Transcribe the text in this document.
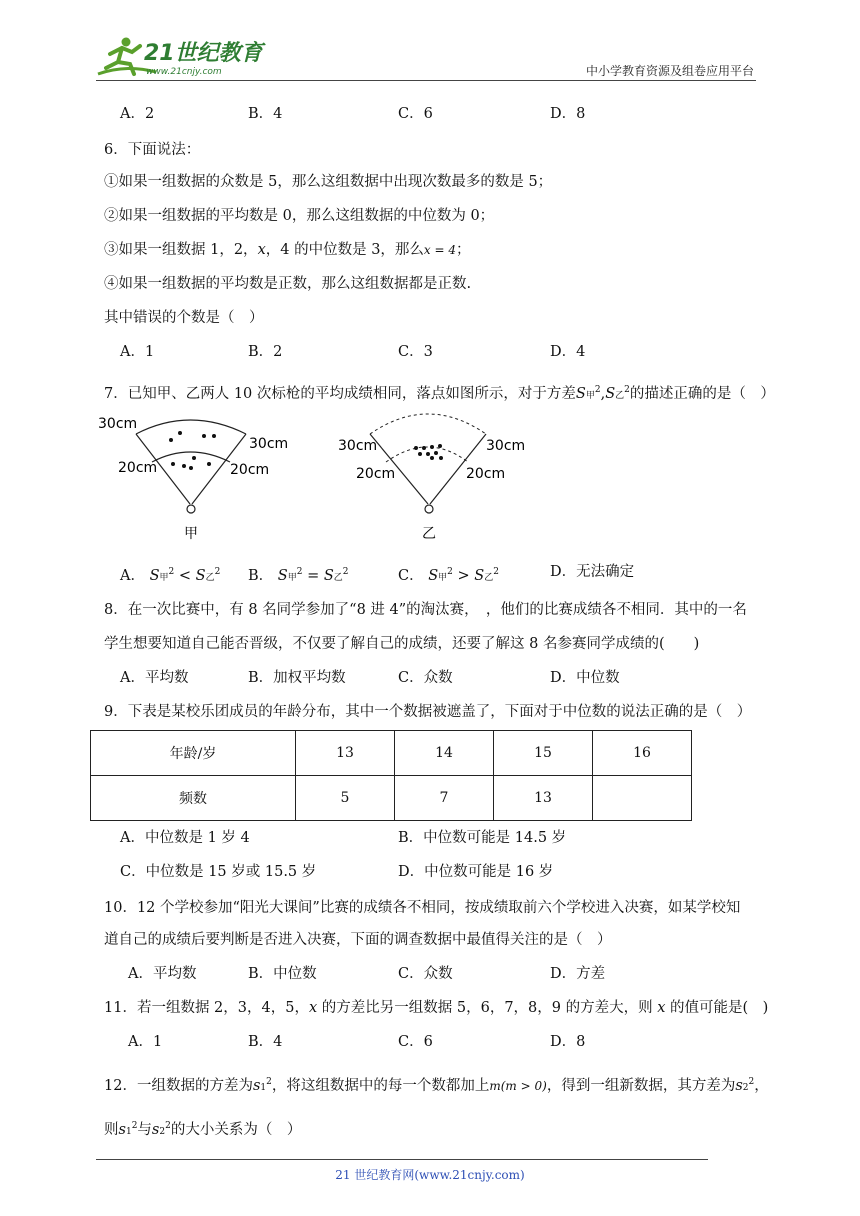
21世纪教育
www.21cnjy.com	中小学教育资源及组卷应用平台
A．2	B．4	C．6	D．8
6．下面说法：
①如果一组数据的众数是 5，那么这组数据中出现次数最多的数是 5；
②如果一组数据的平均数是 0，那么这组数据的中位数为 0；
③如果一组数据 1，2，x，4 的中位数是 3，那么x = 4；
④如果一组数据的平均数是正数，那么这组数据都是正数.
其中错误的个数是（　）
A．1	B．2	C．3	D．4
7．已知甲、乙两人 10 次标枪的平均成绩相同，落点如图所示，对于方差S甲$^2$,S乙$^2$的描述正确的是（　）
30cm
30cm
20cm	20cm
甲
30cm	30cm
20cm	20cm
乙
A． S甲$^2$ < S乙$^2$ B． S甲$^2$ = S乙$^2$	C． S甲$^2$ > S乙$^2$	D．无法确定
8．在一次比赛中，有 8 名同学参加了“8 进 4”的淘汰赛，　，他们的比赛成绩各不相同．其中的一名
学生想要知道自己能否晋级，不仅要了解自己的成绩，还要了解这 8 名参赛同学成绩的(　　)
A．平均数	B．加权平均数	C．众数	D．中位数
9．下表是某校乐团成员的年龄分布，其中一个数据被遮盖了，下面对于中位数的说法正确的是（　）
年龄/岁	13	14	15	16
频数	5	7	13	
A．中位数是 1 岁 4	B．中位数可能是 14.5 岁
C．中位数是 15 岁或 15.5 岁	D．中位数可能是 16 岁
10．12 个学校参加“阳光大课间”比赛的成绩各不相同，按成绩取前六个学校进入决赛，如某学校知
道自己的成绩后要判断是否进入决赛，下面的调查数据中最值得关注的是（　）
A．平均数	B．中位数	C．众数	D．方差
11．若一组数据 2，3，4，5，x 的方差比另一组数据 5，6，7，8，9 的方差大，则 x 的值可能是(　)
A．1	B．4	C．6	D．8
12．一组数据的方差为$s1^2$，将这组数据中的每一个数都加上m(m > 0)，得到一组新数据，其方差为$s2^2$，
则$s1^2$与$s2^2$的大小关系为（　）
21 世纪教育网(www.21cnjy.com)
